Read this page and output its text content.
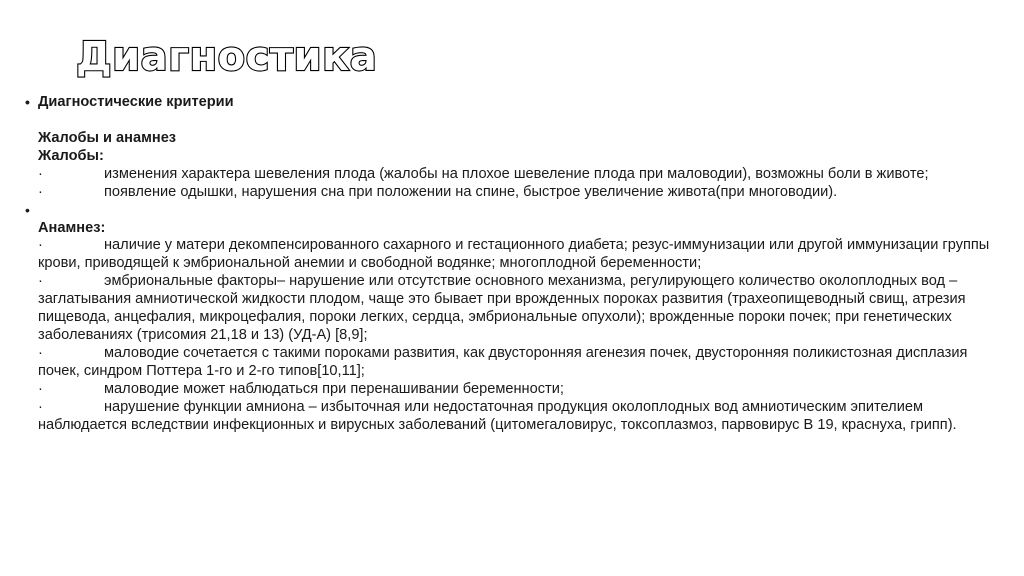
Диагностика

• Диагностические критерии

Жалобы и анамнез

Жалобы:

·	изменения характера шевеления плода (жалобы на плохое шевеление плода при маловодии), возможны боли в животе;

·	появление одышки, нарушения сна при положении на спине, быстрое увеличение живота(при многоводии).

•

Анамнез:

·	наличие у матери декомпенсированного сахарного и гестационного диабета; резус-иммунизации или другой иммунизации группы крови, приводящей к эмбриональной анемии и свободной водянке; многоплодной беременности;

·	эмбриональные факторы– нарушение или отсутствие основного механизма, регулирующего количество околоплодных вод – заглатывания амниотической жидкости плодом, чаще это бывает при врожденных пороках развития (трахеопищеводный свищ, атрезия пищевода, анцефалия, микроцефалия, пороки легких, сердца, эмбриональные опухоли); врожденные пороки почек; при генетических заболеваниях (трисомия 21,18 и 13) (УД-А) [8,9];

·	маловодие сочетается с такими пороками развития, как двусторонняя агенезия почек, двусторонняя поликистозная дисплазия почек, синдром Поттера 1-го и 2-го типов[10,11];

·	маловодие может наблюдаться при перенашивании беременности;

·	нарушение функции амниона – избыточная или недостаточная продукция околоплодных вод амниотическим эпителием наблюдается вследствии инфекционных и вирусных заболеваний (цитомегаловирус, токсоплазмоз, парвовирус В 19, краснуха, грипп).
